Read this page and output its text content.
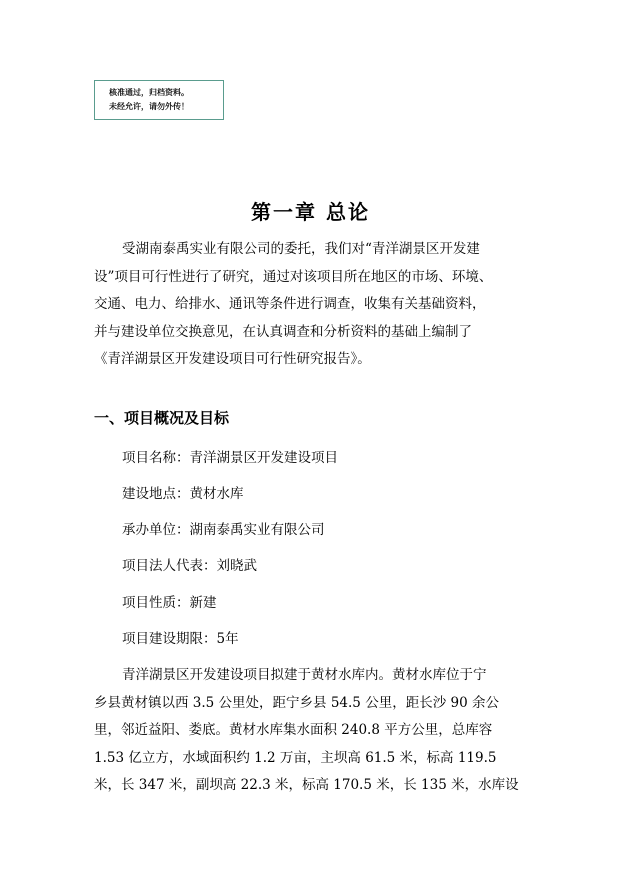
核准通过，归档资料。
未经允许，请勿外传！
第一章 总论
受湖南泰禹实业有限公司的委托，我们对“青洋湖景区开发建
设”项目可行性进行了研究，通过对该项目所在地区的市场、环境、
交通、电力、给排水、通讯等条件进行调查，收集有关基础资料，
并与建设单位交换意见，在认真调查和分析资料的基础上编制了
《青洋湖景区开发建设项目可行性研究报告》。
一、项目概况及目标
项目名称：青洋湖景区开发建设项目
建设地点：黄材水库
承办单位：湖南泰禹实业有限公司
项目法人代表：刘晓武
项目性质：新建
项目建设期限：5年
青洋湖景区开发建设项目拟建于黄材水库内。黄材水库位于宁
乡县黄材镇以西 3.5 公里处，距宁乡县 54.5 公里，距长沙 90 余公
里，邻近益阳、娄底。黄材水库集水面积 240.8 平方公里，总库容
1.53 亿立方，水域面积约 1.2 万亩，主坝高 61.5 米，标高 119.5
米，长 347 米，副坝高 22.3 米，标高 170.5 米，长 135 米，水库设
